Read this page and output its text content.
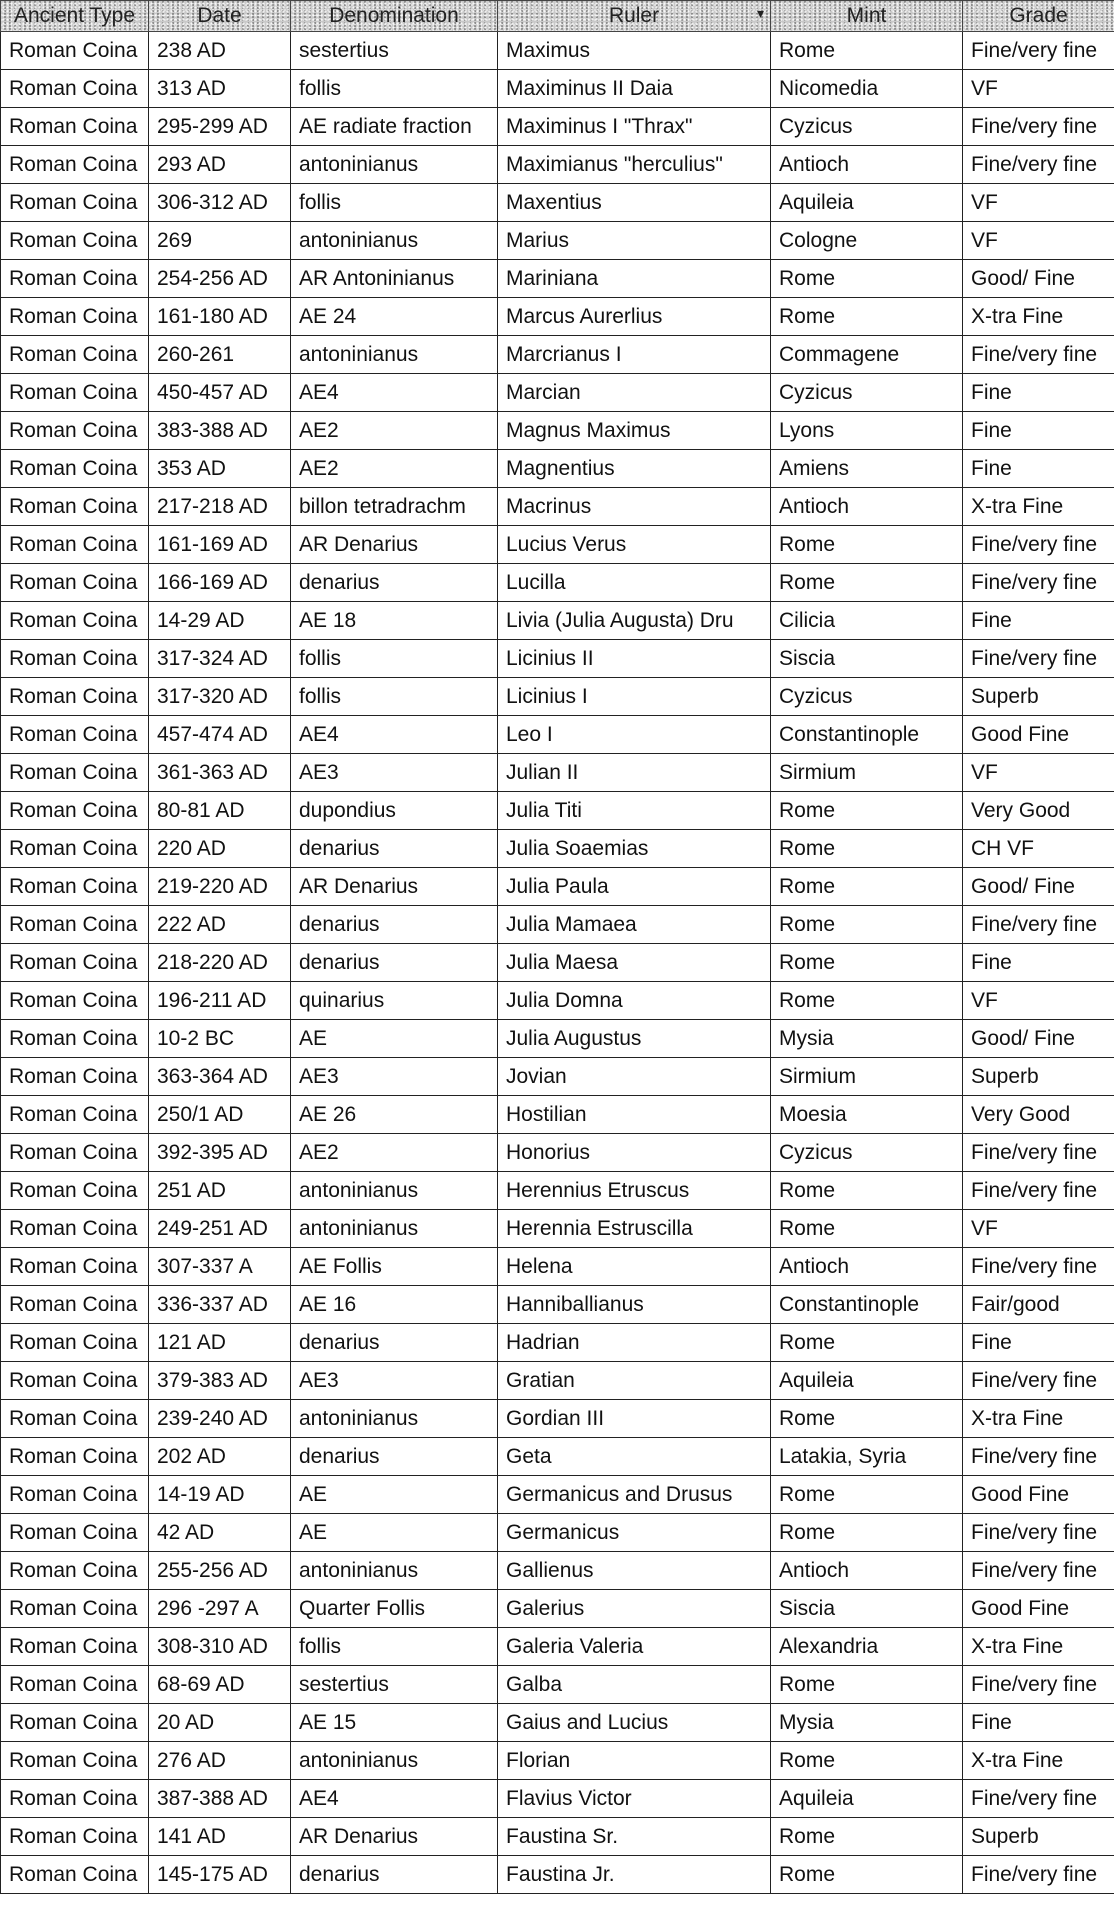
Ancient Type	Date	Denomination	Ruler ▾	Mint	Grade
Roman Coina	238 AD	sestertius	Maximus	Rome	Fine/very fine
Roman Coina	313 AD	follis	Maximinus II Daia	Nicomedia	VF
Roman Coina	295-299 AD	AE radiate fraction	Maximinus I "Thrax"	Cyzicus	Fine/very fine
Roman Coina	293 AD	antoninianus	Maximianus "herculius"	Antioch	Fine/very fine
Roman Coina	306-312 AD	follis	Maxentius	Aquileia	VF
Roman Coina	269	antoninianus	Marius	Cologne	VF
Roman Coina	254-256 AD	AR Antoninianus	Mariniana	Rome	Good/ Fine
Roman Coina	161-180 AD	AE 24	Marcus Aurerlius	Rome	X-tra Fine
Roman Coina	260-261	antoninianus	Marcrianus I	Commagene	Fine/very fine
Roman Coina	450-457 AD	AE4	Marcian	Cyzicus	Fine
Roman Coina	383-388 AD	AE2	Magnus Maximus	Lyons	Fine
Roman Coina	353 AD	AE2	Magnentius	Amiens	Fine
Roman Coina	217-218 AD	billon tetradrachm	Macrinus	Antioch	X-tra Fine
Roman Coina	161-169 AD	AR Denarius	Lucius Verus	Rome	Fine/very fine
Roman Coina	166-169 AD	denarius	Lucilla	Rome	Fine/very fine
Roman Coina	14-29 AD	AE 18	Livia (Julia Augusta) Dru	Cilicia	Fine
Roman Coina	317-324 AD	follis	Licinius II	Siscia	Fine/very fine
Roman Coina	317-320 AD	follis	Licinius I	Cyzicus	Superb
Roman Coina	457-474 AD	AE4	Leo I	Constantinople	Good Fine
Roman Coina	361-363 AD	AE3	Julian II	Sirmium	VF
Roman Coina	80-81 AD	dupondius	Julia Titi	Rome	Very Good
Roman Coina	220 AD	denarius	Julia Soaemias	Rome	CH VF
Roman Coina	219-220 AD	AR Denarius	Julia Paula	Rome	Good/ Fine
Roman Coina	222 AD	denarius	Julia Mamaea	Rome	Fine/very fine
Roman Coina	218-220 AD	denarius	Julia Maesa	Rome	Fine
Roman Coina	196-211 AD	quinarius	Julia Domna	Rome	VF
Roman Coina	10-2 BC	AE	Julia Augustus	Mysia	Good/ Fine
Roman Coina	363-364 AD	AE3	Jovian	Sirmium	Superb
Roman Coina	250/1 AD	AE 26	Hostilian	Moesia	Very Good
Roman Coina	392-395 AD	AE2	Honorius	Cyzicus	Fine/very fine
Roman Coina	251 AD	antoninianus	Herennius Etruscus	Rome	Fine/very fine
Roman Coina	249-251 AD	antoninianus	Herennia Estruscilla	Rome	VF
Roman Coina	307-337 A	AE Follis	Helena	Antioch	Fine/very fine
Roman Coina	336-337 AD	AE 16	Hanniballianus	Constantinople	Fair/good
Roman Coina	121 AD	denarius	Hadrian	Rome	Fine
Roman Coina	379-383 AD	AE3	Gratian	Aquileia	Fine/very fine
Roman Coina	239-240 AD	antoninianus	Gordian III	Rome	X-tra Fine
Roman Coina	202 AD	denarius	Geta	Latakia, Syria	Fine/very fine
Roman Coina	14-19 AD	AE	Germanicus and Drusus	Rome	Good Fine
Roman Coina	42 AD	AE	Germanicus	Rome	Fine/very fine
Roman Coina	255-256 AD	antoninianus	Gallienus	Antioch	Fine/very fine
Roman Coina	296 -297 A	Quarter Follis	Galerius	Siscia	Good Fine
Roman Coina	308-310 AD	follis	Galeria Valeria	Alexandria	X-tra Fine
Roman Coina	68-69 AD	sestertius	Galba	Rome	Fine/very fine
Roman Coina	20 AD	AE 15	Gaius and Lucius	Mysia	Fine
Roman Coina	276 AD	antoninianus	Florian	Rome	X-tra Fine
Roman Coina	387-388 AD	AE4	Flavius Victor	Aquileia	Fine/very fine
Roman Coina	141 AD	AR Denarius	Faustina Sr.	Rome	Superb
Roman Coina	145-175 AD	denarius	Faustina Jr.	Rome	Fine/very fine
